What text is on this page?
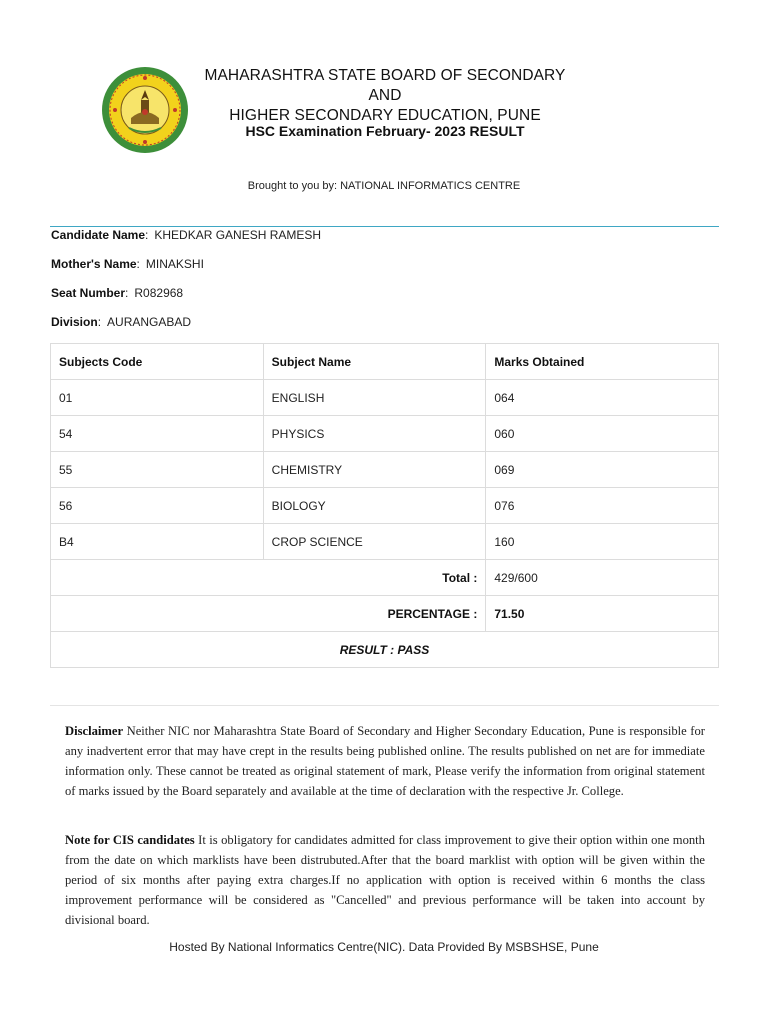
MAHARASHTRA STATE BOARD OF SECONDARY AND
HIGHER SECONDARY EDUCATION, PUNE
HSC Examination February- 2023 RESULT
Brought to you by: NATIONAL INFORMATICS CENTRE
Candidate Name: KHEDKAR GANESH RAMESH
Mother's Name: MINAKSHI
Seat Number: R082968
Division: AURANGABAD
Subjects Code	Subject Name	Marks Obtained
01	ENGLISH	064
54	PHYSICS	060
55	CHEMISTRY	069
56	BIOLOGY	076
B4	CROP SCIENCE	160
Total :		429/600
PERCENTAGE :		71.50
RESULT : PASS		
Disclaimer Neither NIC nor Maharashtra State Board of Secondary and Higher Secondary Education, Pune is responsible for any inadvertent error that may have crept in the results being published online. The results published on net are for immediate information only. These cannot be treated as original statement of mark, Please verify the information from original statement of marks issued by the Board separately and available at the time of declaration with the respective Jr. College.
Note for CIS candidates It is obligatory for candidates admitted for class improvement to give their option within one month from the date on which marklists have been distrubuted.After that the board marklist with option will be given within the period of six months after paying extra charges.If no application with option is received within 6 months the class improvement performance will be considered as "Cancelled" and previous performance will be taken into account by divisional board.
Hosted By National Informatics Centre(NIC). Data Provided By MSBSHSE, Pune
